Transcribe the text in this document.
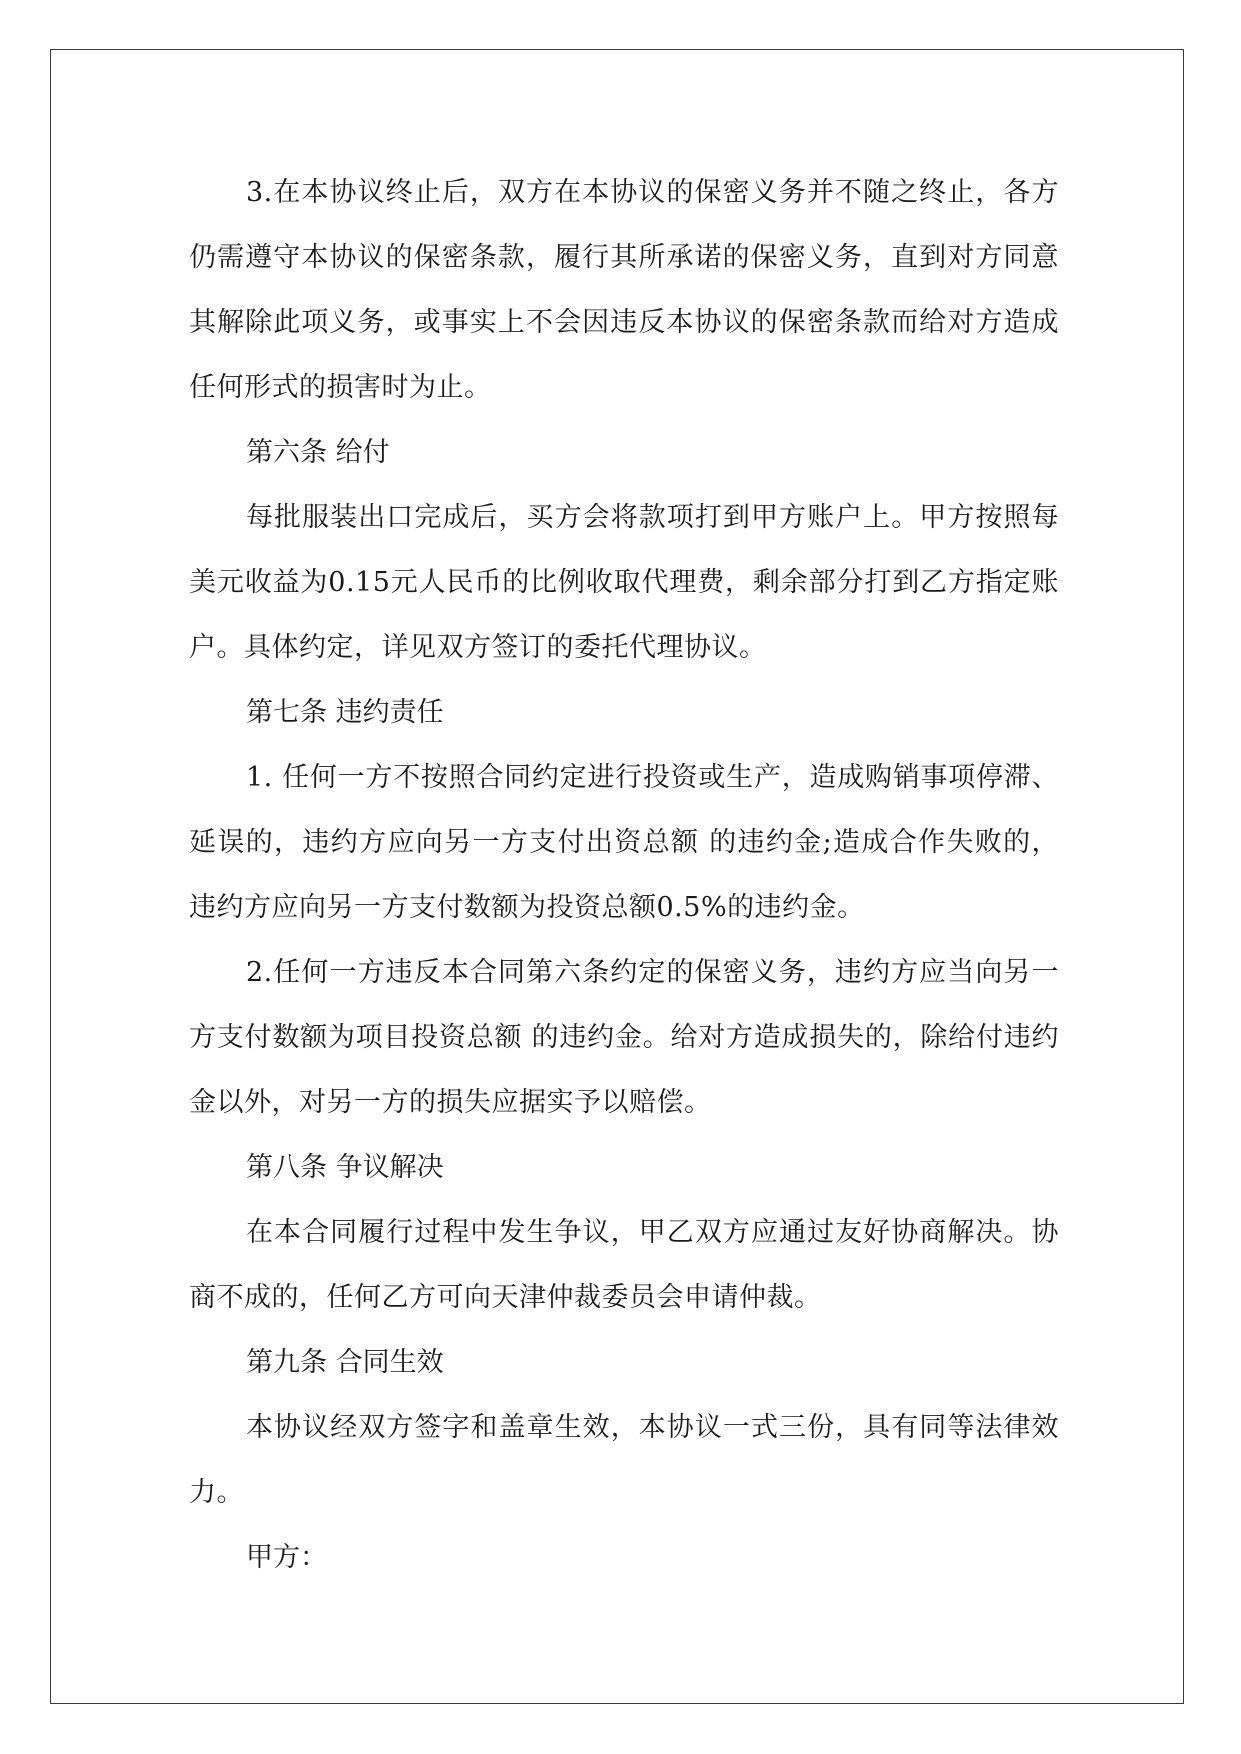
3.在本协议终止后，双方在本协议的保密义务并不随之终止，各方仍需遵守本协议的保密条款，履行其所承诺的保密义务，直到对方同意其解除此项义务，或事实上不会因违反本协议的保密条款而给对方造成任何形式的损害时为止。

第六条 给付

每批服装出口完成后，买方会将款项打到甲方账户上。甲方按照每美元收益为0.15元人民币的比例收取代理费，剩余部分打到乙方指定账户。具体约定，详见双方签订的委托代理协议。

第七条 违约责任

1. 任何一方不按照合同约定进行投资或生产，造成购销事项停滞、延误的，违约方应向另一方支付出资总额 的违约金;造成合作失败的，违约方应向另一方支付数额为投资总额0.5%的违约金。

2.任何一方违反本合同第六条约定的保密义务，违约方应当向另一方支付数额为项目投资总额 的违约金。给对方造成损失的，除给付违约金以外，对另一方的损失应据实予以赔偿。

第八条 争议解决

在本合同履行过程中发生争议，甲乙双方应通过友好协商解决。协商不成的，任何乙方可向天津仲裁委员会申请仲裁。

第九条 合同生效

本协议经双方签字和盖章生效，本协议一式三份，具有同等法律效力。

甲方：
